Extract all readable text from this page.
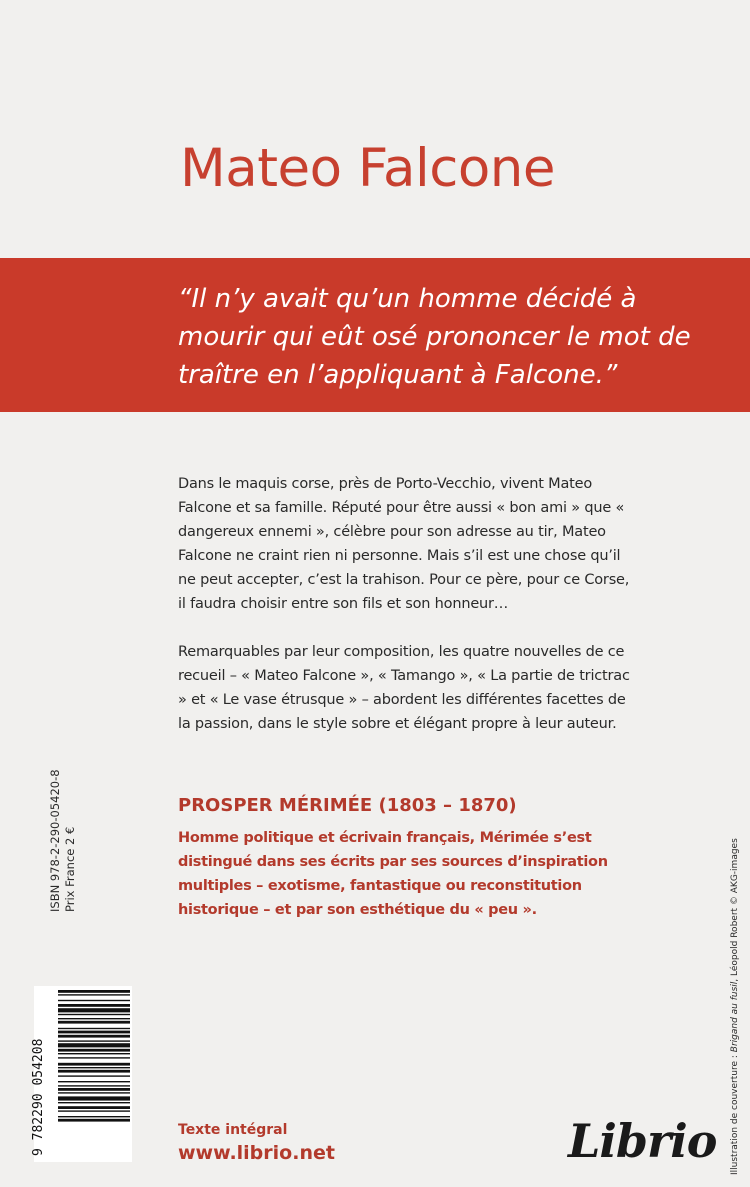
Mateo Falcone

“Il n’y avait qu’un homme décidé à mourir qui eût osé prononcer le mot de traître en l’appliquant à Falcone.”

Dans le maquis corse, près de Porto-Vecchio, vivent Mateo Falcone et sa famille. Réputé pour être aussi « bon ami » que « dangereux ennemi », célèbre pour son adresse au tir, Mateo Falcone ne craint rien ni personne. Mais s’il est une chose qu’il ne peut accepter, c’est la trahison. Pour ce père, pour ce Corse, il faudra choisir entre son fils et son honneur…

Remarquables par leur composition, les quatre nouvelles de ce recueil – « Mateo Falcone », « Tamango », « La partie de trictrac » et « Le vase étrusque » – abordent les différentes facettes de la passion, dans le style sobre et élégant propre à leur auteur.

PROSPER MÉRIMÉE (1803 – 1870)

Homme politique et écrivain français, Mérimée s’est distingué dans ses écrits par ses sources d’inspiration multiples – exotisme, fantastique ou reconstitution historique – et par son esthétique du « peu ».

ISBN 978-2-290-05420-8 Prix France 2 €
9 782290 054208	Illustration de couverture : Brigand au fusil, Léopold Robert © AKG-images
Texte intégral
www.librio.net	Librio
